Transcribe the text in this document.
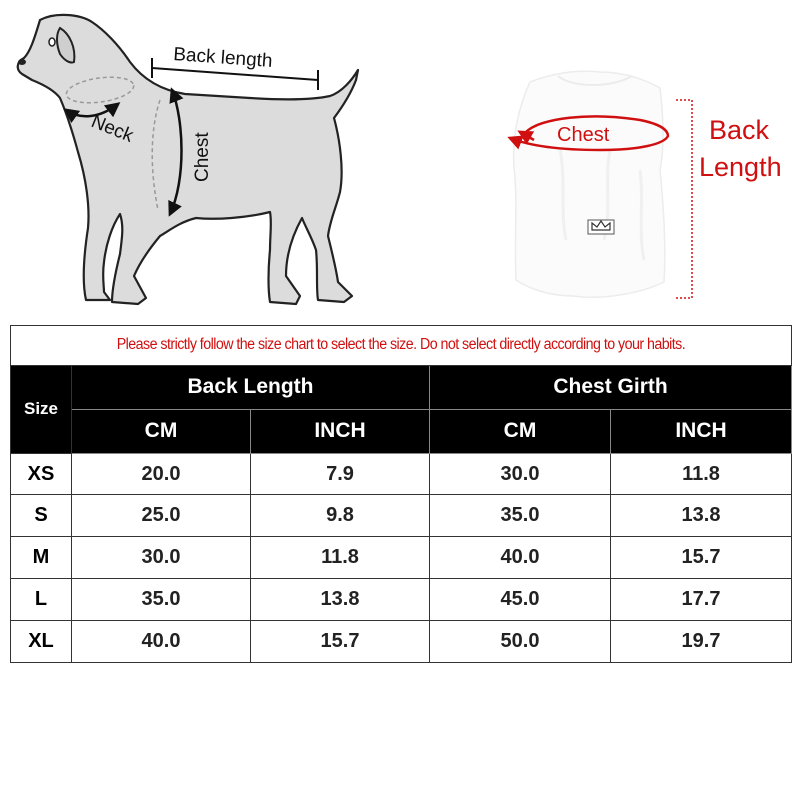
Neck
Back length
Chest	Chest	Back
Length
Please strictly follow the size chart to select the size. Do not select directly according to your habits.				
Size	Back Length		Chest Girth	
	CM	INCH	CM	INCH
XS	20.0	7.9	30.0	11.8
S	25.0	9.8	35.0	13.8
M	30.0	11.8	40.0	15.7
L	35.0	13.8	45.0	17.7
XL	40.0	15.7	50.0	19.7
